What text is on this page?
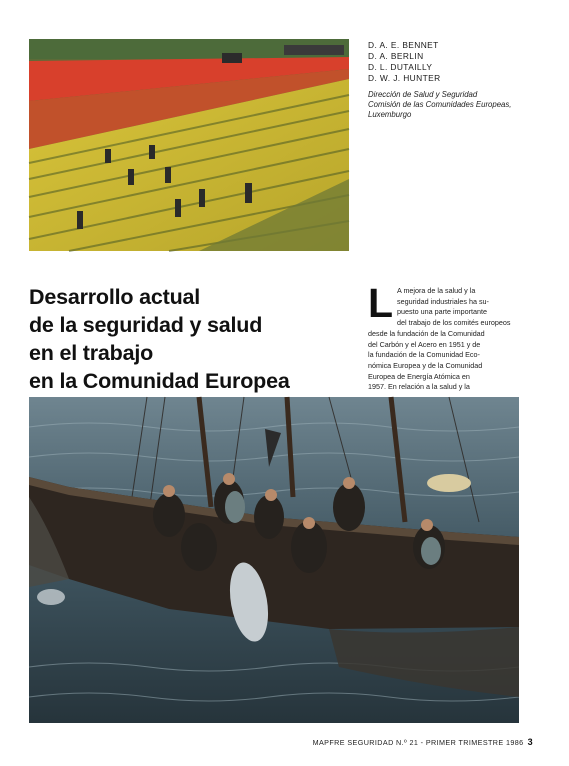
D. A. E. BENNET
D. A. BERLIN
D. L. DUTAILLY
D. W. J. HUNTER
Dirección de Salud y Seguridad
Comisión de las Comunidades Europeas,
Luxemburgo
Desarrollo actual
de la seguridad y salud
en el trabajo
en la Comunidad Europea
L A mejora de la salud y la
seguridad industriales ha su-
puesto una parte importante
del trabajo de los comités europeos
desde la fundación de la Comunidad
del Carbón y el Acero en 1951 y de
la fundación de la Comunidad Eco-
nómica Europea y de la Comunidad
Europea de Energía Atómica en
1957. En relación a la salud y la
MAPFRE SEGURIDAD N.º 21 - PRIMER TRIMESTRE 1986 3
